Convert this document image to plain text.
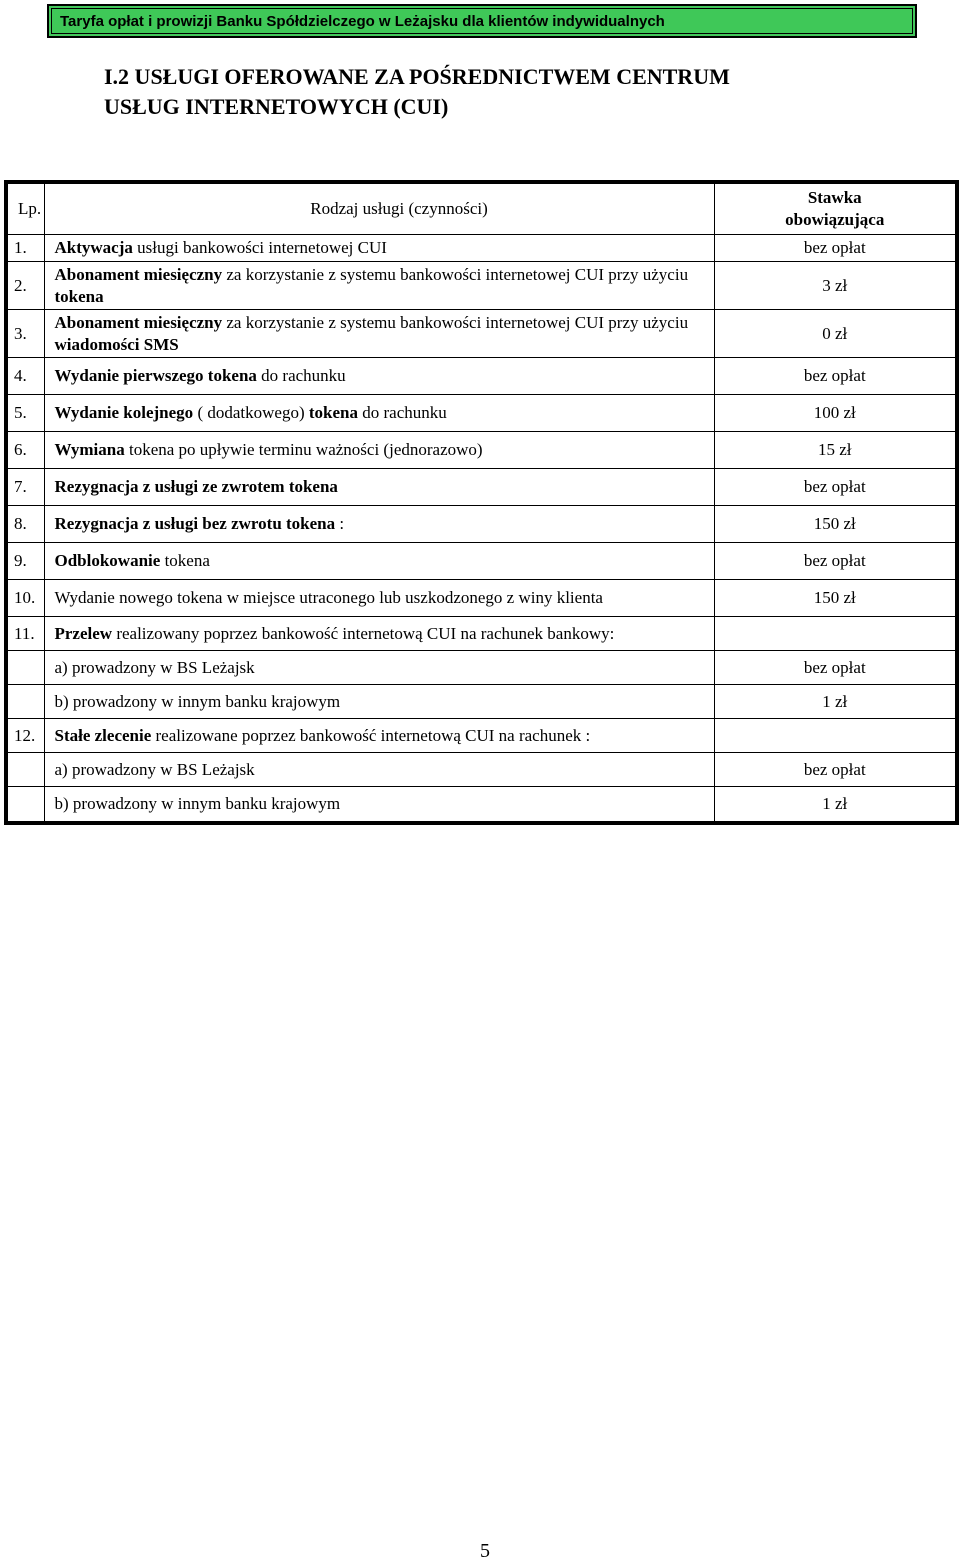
Taryfa opłat i prowizji Banku Spółdzielczego w Leżajsku dla klientów indywidualnych
I.2 USŁUGI OFEROWANE ZA POŚREDNICTWEM CENTRUM
USŁUG INTERNETOWYCH (CUI)
Lp.	Rodzaj usługi (czynności)	Stawka
obowiązująca
1.	Aktywacja usługi bankowości internetowej CUI	bez opłat
2.	Abonament miesięczny za korzystanie z systemu bankowości internetowej CUI przy użyciu tokena	3 zł
3.	Abonament miesięczny za korzystanie z systemu bankowości internetowej CUI przy użyciu wiadomości SMS	0 zł
4.	Wydanie pierwszego tokena do rachunku	bez opłat
5.	Wydanie kolejnego ( dodatkowego) tokena do rachunku	100 zł
6.	Wymiana tokena po upływie terminu ważności (jednorazowo)	15 zł
7.	Rezygnacja z usługi ze zwrotem tokena	bez opłat
8.	Rezygnacja z usługi bez zwrotu tokena :	150 zł
9.	Odblokowanie tokena	bez opłat
10.	Wydanie nowego tokena w miejsce utraconego lub uszkodzonego z winy klienta	150 zł
11.	Przelew realizowany poprzez bankowość internetową CUI na rachunek bankowy:	
	a) prowadzony w BS Leżajsk	bez opłat
	b) prowadzony w innym banku krajowym	1 zł
12.	Stałe zlecenie realizowane poprzez bankowość internetową CUI na rachunek :	
	a) prowadzony w BS Leżajsk	bez opłat
	b) prowadzony w innym banku krajowym	1 zł
5
